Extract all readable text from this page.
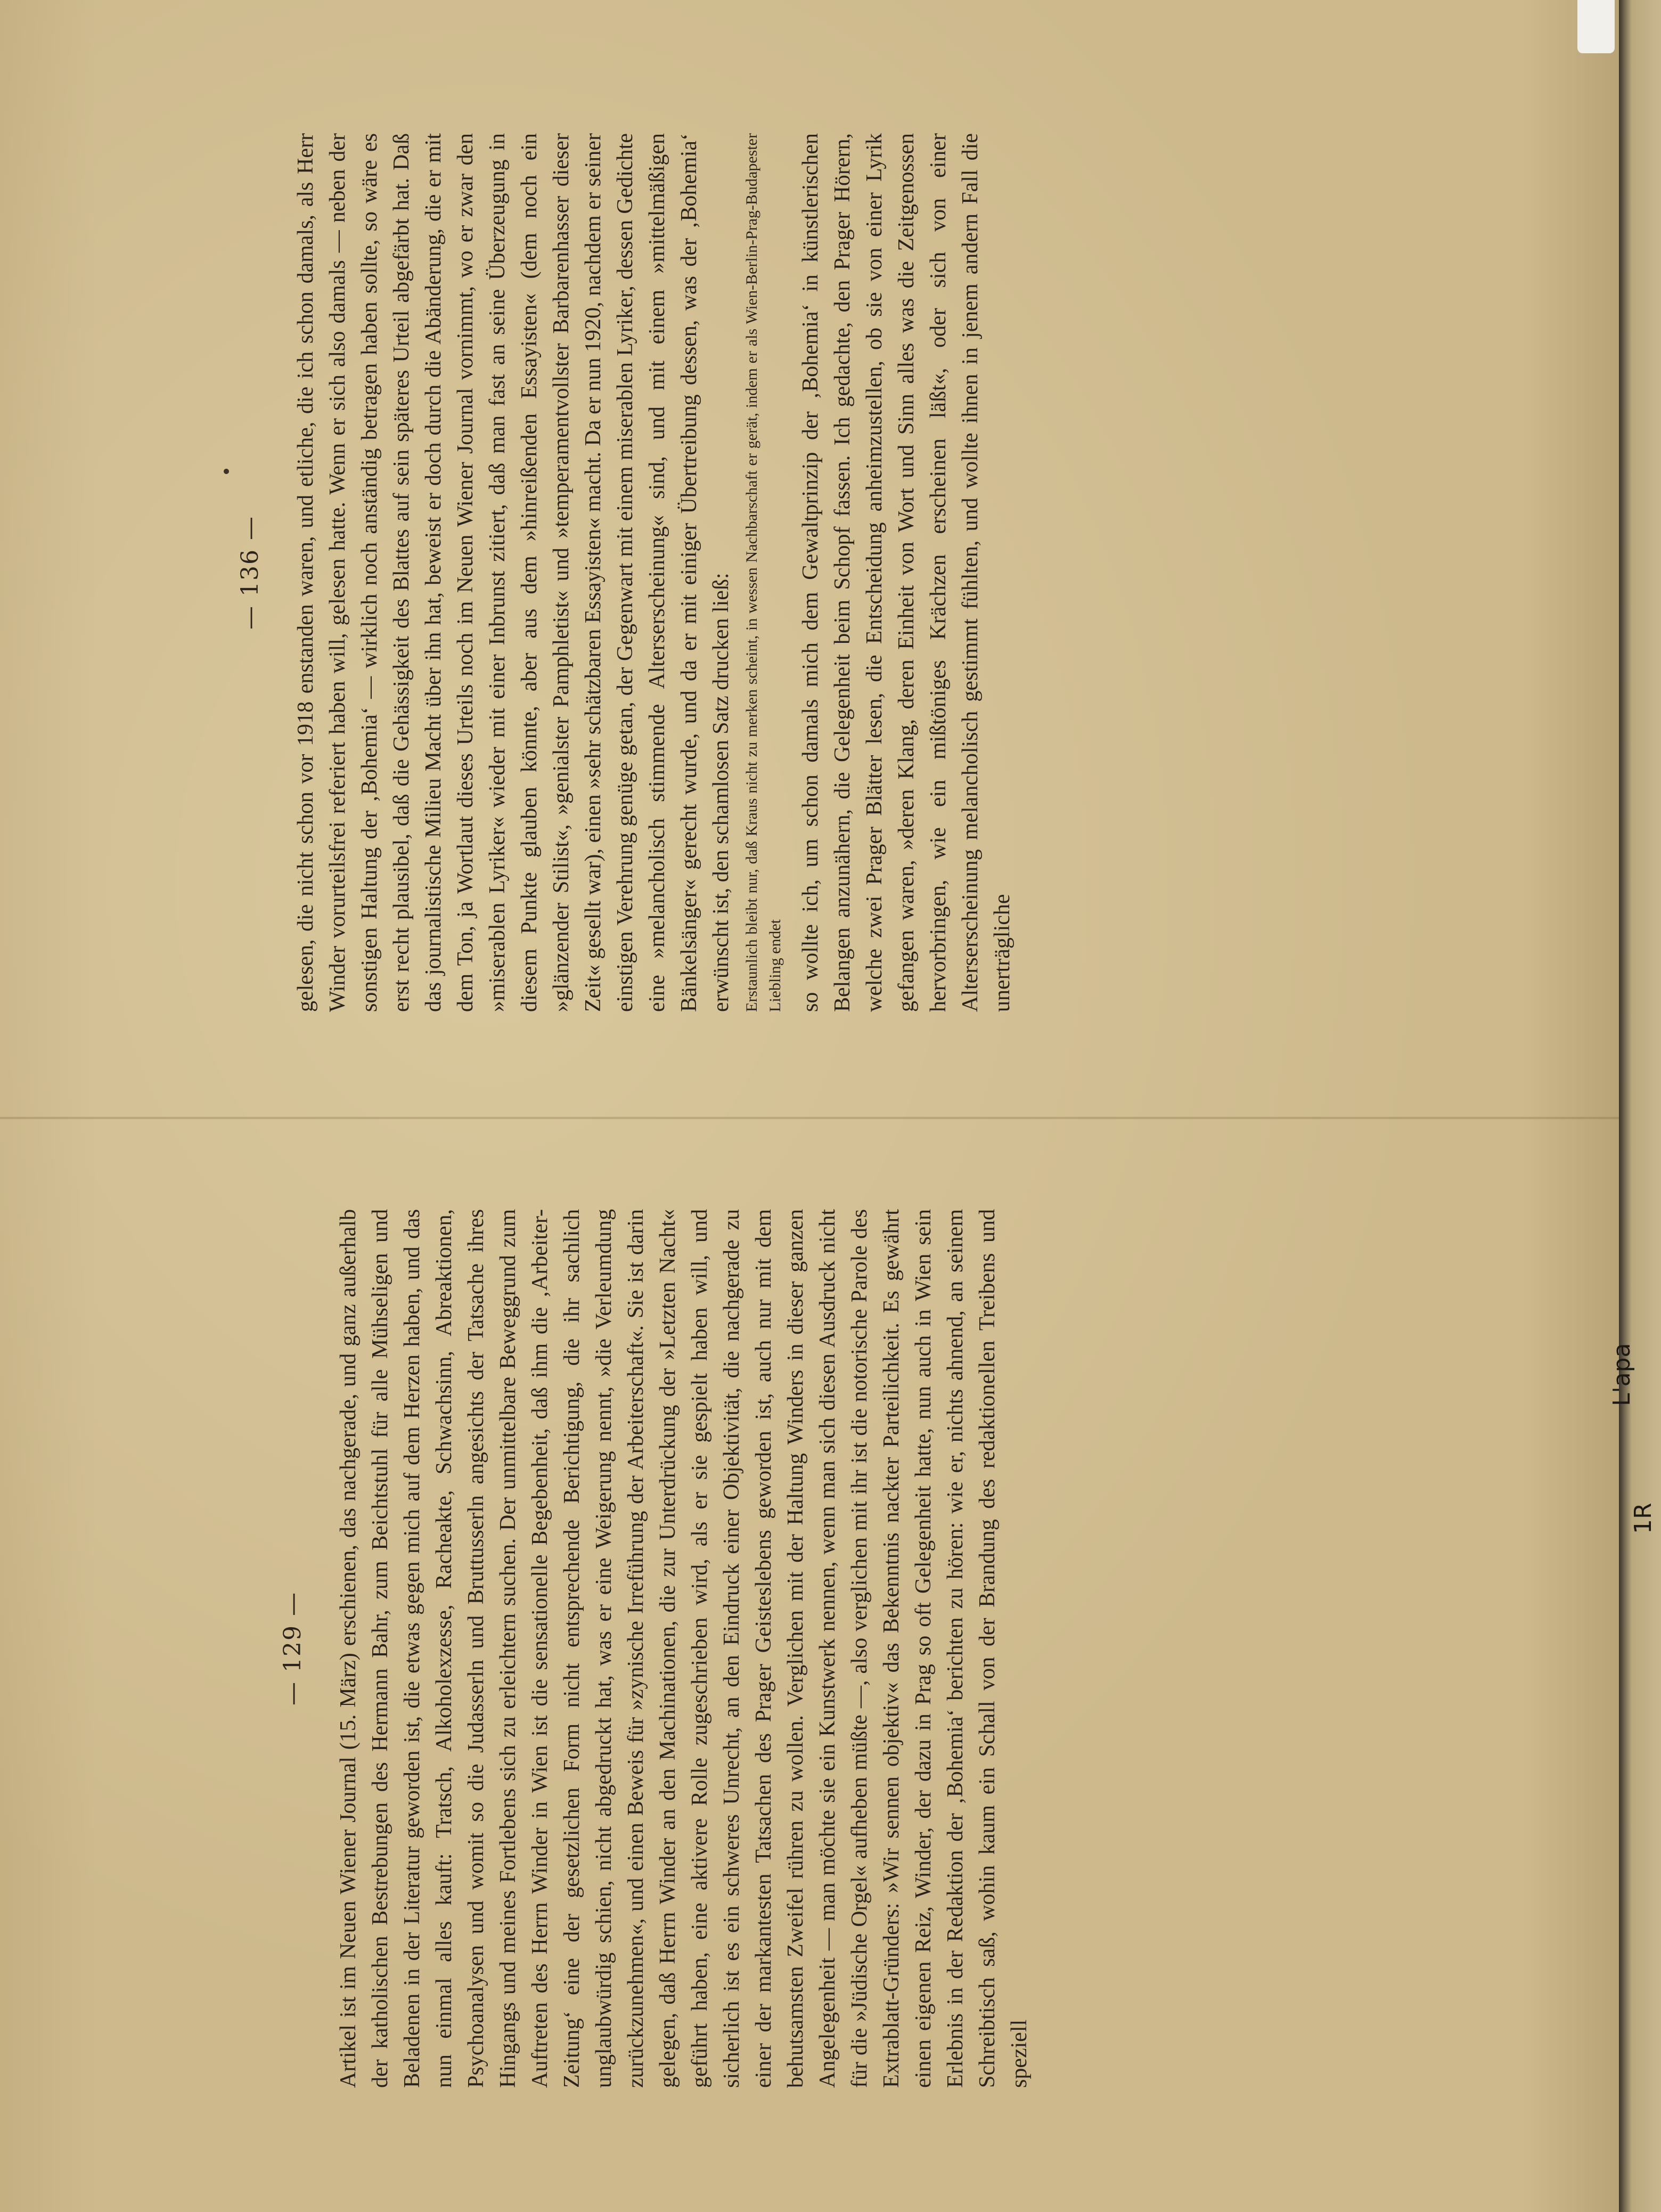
— 136 — gelesen, die nicht schon vor 1918 enstanden waren, und etliche, die ich schon damals, als Herr Winder vorurteilsfrei referiert haben will, gelesen hatte. Wenn er sich also damals — neben der sonstigen Haltung der ‚Bohemia‘ — wirklich noch anständig betragen haben sollte, so wäre es erst recht plausibel, daß die Gehässigkeit des Blattes auf sein späteres Urteil abgefärbt hat. Daß das journalistische Milieu Macht über ihn hat, beweist er doch durch die Abänderung, die er mit dem Ton, ja Wortlaut dieses Urteils noch im Neuen Wiener Journal vornimmt, wo er zwar den »miserablen Lyriker« wieder mit einer Inbrunst zitiert, daß man fast an seine Überzeugung in diesem Punkte glauben könnte, aber aus dem »hinreißenden Essayisten« (dem noch ein »glänzender Stilist«, »genialster Pamphletist« und »temperamentvollster Barbarenhasser dieser Zeit« gesellt war), einen »sehr schätzbaren Essayisten« macht. Da er nun 1920, nachdem er seiner einstigen Verehrung genüge getan, der Gegenwart mit einem miserablen Lyriker, dessen Gedichte eine »melancholisch stimmende Alterserscheinung« sind, und mit einem »mittelmäßigen Bänkelsänger« gerecht wurde, und da er mit einiger Übertreibung dessen, was der ‚Bohemia‘ erwünscht ist, den schamlosen Satz drucken ließ: Erstaunlich bleibt nur, daß Kraus nicht zu merken scheint, in wessen Nachbarschaft er gerät, indem er als Wien-Berlin-Prag-Budapester Liebling endet so wollte ich, um schon damals mich dem Gewaltprinzip der ‚Bohemia‘ in künstlerischen Belangen anzunähern, die Gelegenheit beim Schopf fassen. Ich gedachte, den Prager Hörern, welche zwei Prager Blätter lesen, die Entscheidung anheimzustellen, ob sie von einer Lyrik gefangen waren, »deren Klang, deren Einheit von Wort und Sinn alles was die Zeitgenossen hervorbringen, wie ein mißtöniges Krächzen erscheinen läßt«, oder sich von einer Alterserscheinung melancholisch gestimmt fühlten, und wollte ihnen in jenem andern Fall die unerträgliche

— 129 — Artikel ist im Neuen Wiener Journal (15. März) erschienen, das nachgerade, und ganz außerhalb der katholischen Bestrebungen des Hermann Bahr, zum Beichtstuhl für alle Mühseligen und Beladenen in der Literatur geworden ist, die etwas gegen mich auf dem Herzen haben, und das nun einmal alles kauft: Tratsch, Alkoholexzesse, Racheakte, Schwachsinn, Abreaktionen, Psychoanalysen und womit so die Judasserln und Bruttusserln angesichts der Tatsache ihres Hingangs und meines Fortlebens sich zu erleichtern suchen. Der unmittelbare Beweggrund zum Auftreten des Herrn Winder in Wien ist die sensationelle Begebenheit, daß ihm die ‚Arbeiter-Zeitung‘ eine der gesetzlichen Form nicht entsprechende Berichtigung, die ihr sachlich unglaubwürdig schien, nicht abgedruckt hat, was er eine Weigerung nennt, »die Verleumdung zurückzunehmen«, und einen Beweis für »zynische Irreführung der Arbeiterschaft«. Sie ist darin gelegen, daß Herrn Winder an den Machinationen, die zur Unterdrückung der »Letzten Nacht« geführt haben, eine aktivere Rolle zugeschrieben wird, als er sie gespielt haben will, und sicherlich ist es ein schweres Unrecht, an den Eindruck einer Objektivität, die nachgerade zu einer der markantesten Tatsachen des Prager Geisteslebens geworden ist, auch nur mit dem behutsamsten Zweifel rühren zu wollen. Verglichen mit der Haltung Winders in dieser ganzen Angelegenheit — man möchte sie ein Kunstwerk nennen, wenn man sich diesen Ausdruck nicht für die »Jüdische Orgel« aufheben müßte —, also verglichen mit ihr ist die notorische Parole des Extrablatt-Gründers: »Wir sennen objektiv« das Bekenntnis nackter Parteilichkeit. Es gewährt einen eigenen Reiz, Winder, der dazu in Prag so oft Gelegenheit hatte, nun auch in Wien sein Erlebnis in der Redaktion der ‚Bohemia‘ berichten zu hören: wie er, nichts ahnend, an seinem Schreibtisch saß, wohin kaum ein Schall von der Brandung des redaktionellen Treibens und speziell

L'apa
1R
